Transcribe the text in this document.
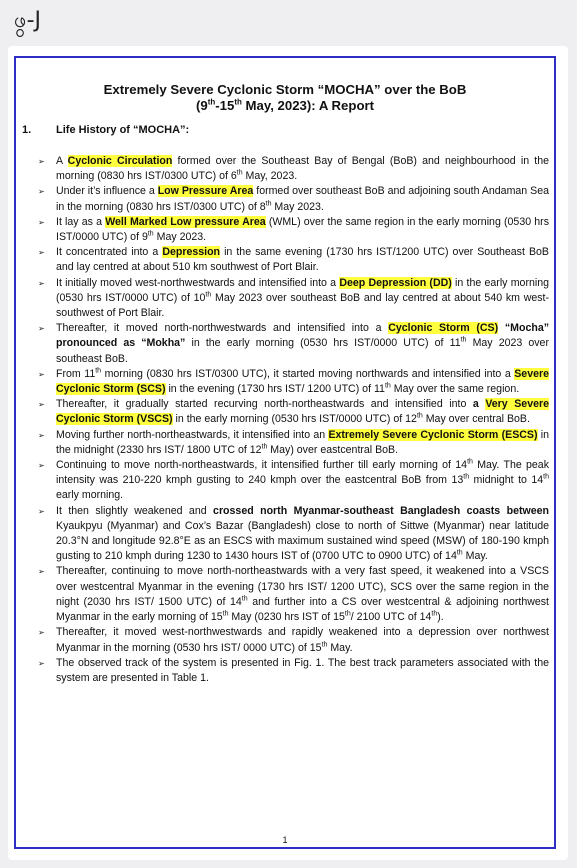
ဖွ-J
Extremely Severe Cyclonic Storm “MOCHA” over the BoB
(9th-15th May, 2023): A Report
1. Life History of “MOCHA”:
➢ A Cyclonic Circulation formed over the Southeast Bay of Bengal (BoB) and neighbourhood in the morning (0830 hrs IST/0300 UTC) of 6th May, 2023.
➢ Under it’s influence a Low Pressure Area formed over southeast BoB and adjoining south Andaman Sea in the morning (0830 hrs IST/0300 UTC) of 8th May 2023.
➢ It lay as a Well Marked Low pressure Area (WML) over the same region in the early morning (0530 hrs IST/0000 UTC) of 9th May 2023.
➢ It concentrated into a Depression in the same evening (1730 hrs IST/1200 UTC) over Southeast BoB and lay centred at about 510 km southwest of Port Blair.
➢ It initially moved west-northwestwards and intensified into a Deep Depression (DD) in the early morning (0530 hrs IST/0000 UTC) of 10th May 2023 over southeast BoB and lay centred at about 540 km west-southwest of Port Blair.
➢ Thereafter, it moved north-northwestwards and intensified into a Cyclonic Storm (CS) “Mocha” pronounced as “Mokha” in the early morning (0530 hrs IST/0000 UTC) of 11th May 2023 over southeast BoB.
➢ From 11th morning (0830 hrs IST/0300 UTC), it started moving northwards and intensified into a Severe Cyclonic Storm (SCS) in the evening (1730 hrs IST/ 1200 UTC) of 11th May over the same region.
➢ Thereafter, it gradually started recurving north-northeastwards and intensified into a Very Severe Cyclonic Storm (VSCS) in the early morning (0530 hrs IST/0000 UTC) of 12th May over central BoB.
➢ Moving further north-northeastwards, it intensified into an Extremely Severe Cyclonic Storm (ESCS) in the midnight (2330 hrs IST/ 1800 UTC of 12th May) over eastcentral BoB.
➢ Continuing to move north-northeastwards, it intensified further till early morning of 14th May. The peak intensity was 210-220 kmph gusting to 240 kmph over the eastcentral BoB from 13th midnight to 14th early morning.
➢ It then slightly weakened and crossed north Myanmar-southeast Bangladesh coasts between Kyaukpyu (Myanmar) and Cox’s Bazar (Bangladesh) close to north of Sittwe (Myanmar) near latitude 20.3°N and longitude 92.8°E as an ESCS with maximum sustained wind speed (MSW) of 180-190 kmph gusting to 210 kmph during 1230 to 1430 hours IST of (0700 UTC to 0900 UTC) of 14th May.
➢ Thereafter, continuing to move north-northeastwards with a very fast speed, it weakened into a VSCS over westcentral Myanmar in the evening (1730 hrs IST/ 1200 UTC), SCS over the same region in the night (2030 hrs IST/ 1500 UTC) of 14th and further into a CS over westcentral & adjoining northwest Myanmar in the early morning of 15th May (0230 hrs IST of 15th/ 2100 UTC of 14th).
➢ Thereafter, it moved west-northwestwards and rapidly weakened into a depression over northwest Myanmar in the morning (0530 hrs IST/ 0000 UTC) of 15th May.
➢ The observed track of the system is presented in Fig. 1. The best track parameters associated with the system are presented in Table 1.
1
